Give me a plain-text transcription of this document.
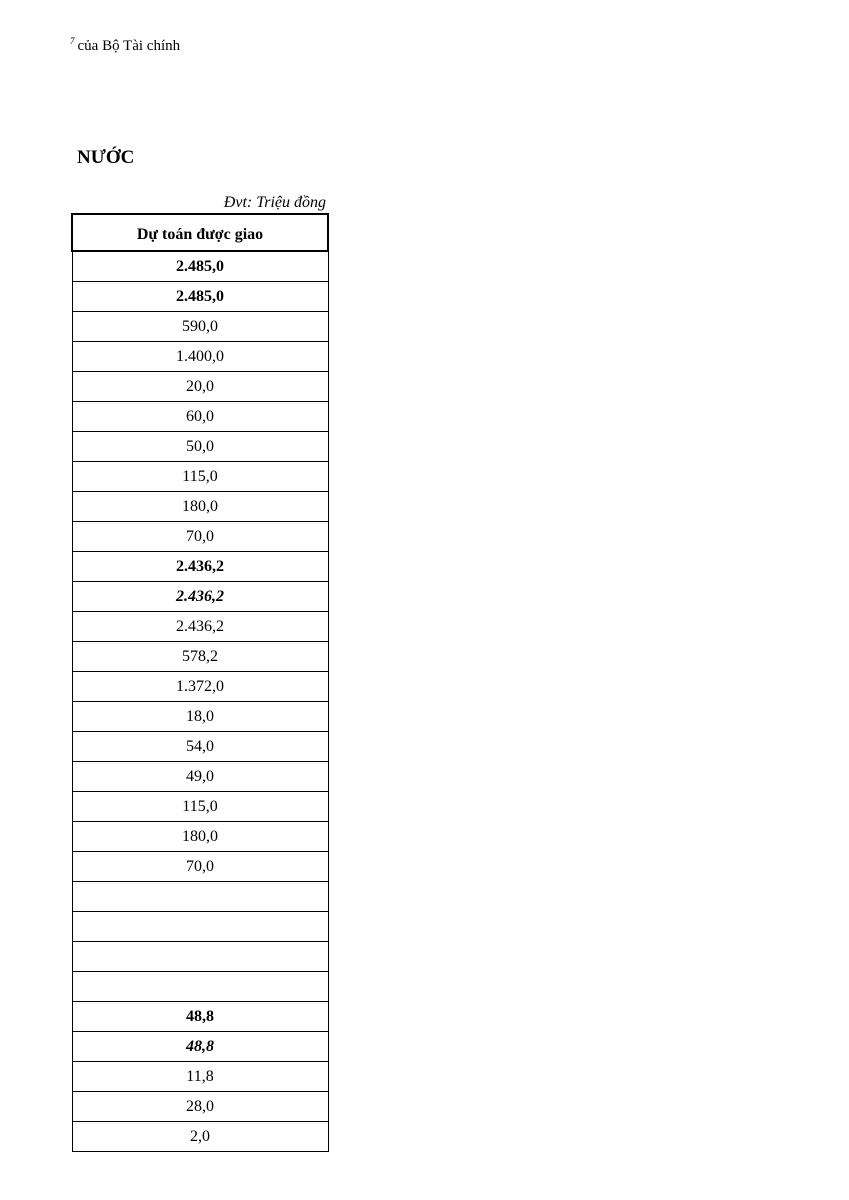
$^7$ của Bộ Tài chính
NƯỚC
Đvt: Triệu đồng
Dự toán được giao
2.485,0
2.485,0
590,0
1.400,0
20,0
60,0
50,0
115,0
180,0
70,0
2.436,2
2.436,2
2.436,2
578,2
1.372,0
18,0
54,0
49,0
115,0
180,0
70,0

48,8
48,8
11,8
28,0
2,0
